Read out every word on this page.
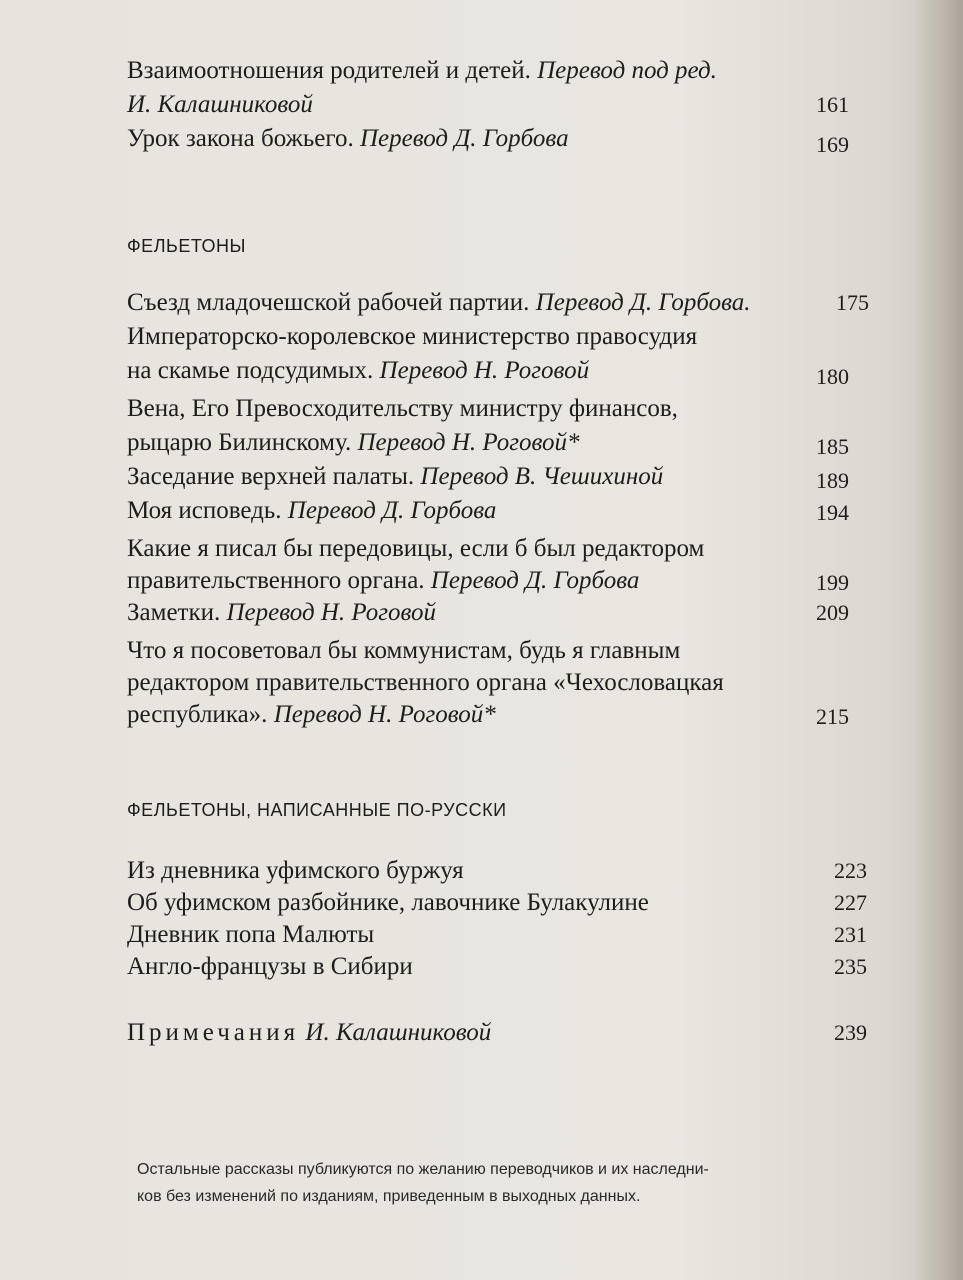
Взаимоотношения родителей и детей. Перевод под ред.
И. Калашниковой	161
Урок закона божьего. Перевод Д. Горбова	169
ФЕЛЬЕТОНЫ
Съезд младочешской рабочей партии. Перевод Д. Горбова.	175
Императорско-королевское министерство правосудия
на скамье подсудимых. Перевод Н. Роговой	180
Вена, Его Превосходительству министру финансов,
рыцарю Билинскому. Перевод Н. Роговой*	185
Заседание верхней палаты. Перевод В. Чешихиной	189
Моя исповедь. Перевод Д. Горбова	194
Какие я писал бы передовицы, если б был редактором
правительственного органа. Перевод Д. Горбова	199
Заметки. Перевод Н. Роговой	209
Что я посоветовал бы коммунистам, будь я главным
редактором правительственного органа «Чехословацкая
республика». Перевод Н. Роговой*	215
ФЕЛЬЕТОНЫ, НАПИСАННЫЕ ПО-РУССКИ
Из дневника уфимского буржуя	223
Об уфимском разбойнике, лавочнике Булакулине	227
Дневник попа Малюты	231
Англо-французы в Сибири	235
Примечания И. Калашниковой	239
Остальные рассказы публикуются по желанию переводчиков и их наследни-
ков без изменений по изданиям, приведенным в выходных данных.
